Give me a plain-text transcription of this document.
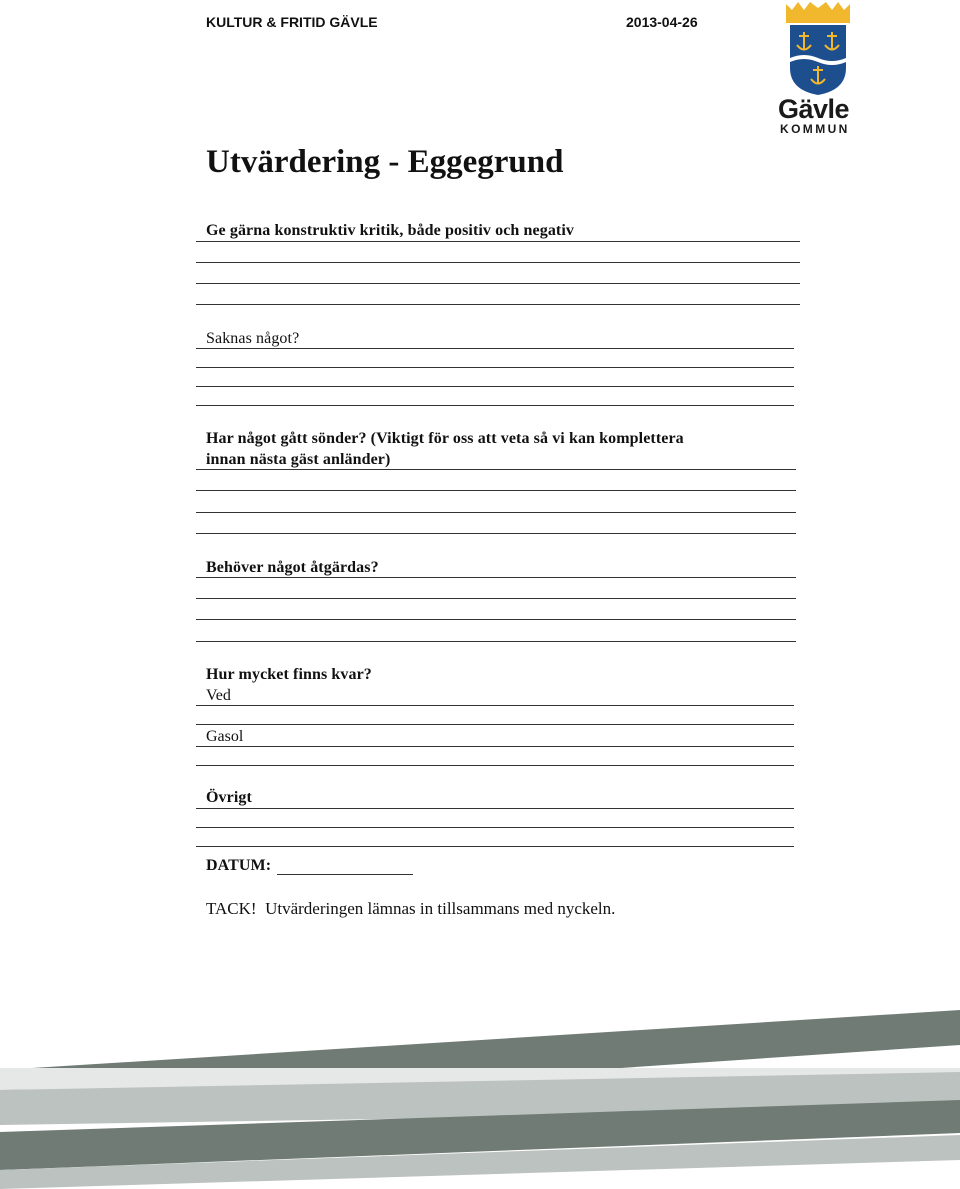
KULTUR & FRITID GÄVLE	2013-04-26
Gävle
KOMMUN
Utvärdering - Eggegrund
Ge gärna konstruktiv kritik, både positiv och negativ
Saknas något?
Har något gått sönder? (Viktigt för oss att veta så vi kan komplettera
innan nästa gäst anländer)
Behöver något åtgärdas?
Hur mycket finns kvar?
Ved
Gasol
Övrigt
DATUM:
TACK!  Utvärderingen lämnas in tillsammans med nyckeln.
